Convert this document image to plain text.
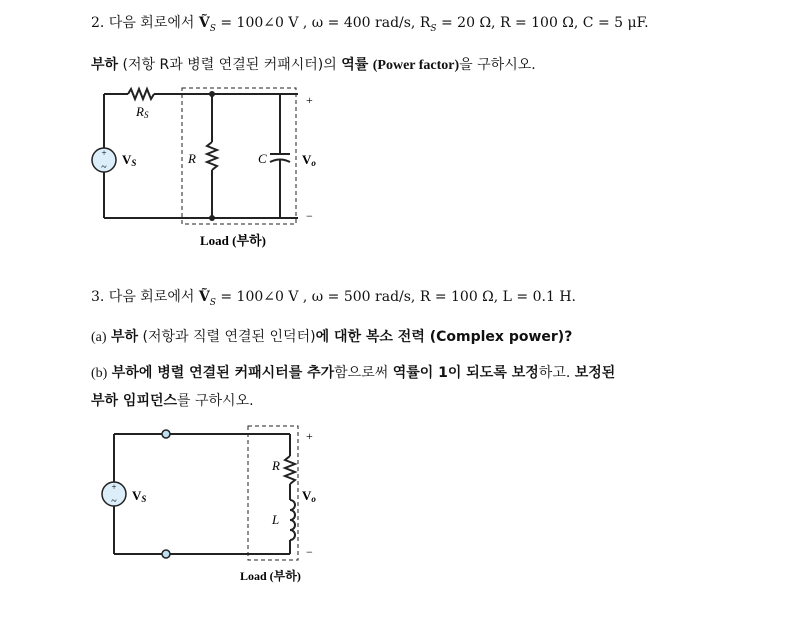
2. 다음 회로에서 Ṽ$_S$ = 100∠0 V , ω = 400 rad/s, $R_S = 20$ Ω, R = 100 Ω, C = 5 μF.
부하 (저항 R과 병렬 연결된 커패시터)의 역률 (Power factor)을 구하시오.
+
~
RS
VS	R	C	Vo
+
−
Load (부하)
3. 다음 회로에서 Ṽ$_S$ = 100∠0 V , ω = 500 rad/s, R = 100 Ω, L = 0.1 H.
(a) 부하 (저항과 직렬 연결된 인덕터)에 대한 복소 전력 (Complex power)?
(b) 부하에 병렬 연결된 커패시터를 추가함으로써 역률이 1이 되도록 보정하고. 보정된
부하 임피던스를 구하시오.
+
~ VS
R
L
Vo
+
−
Load (부하)
